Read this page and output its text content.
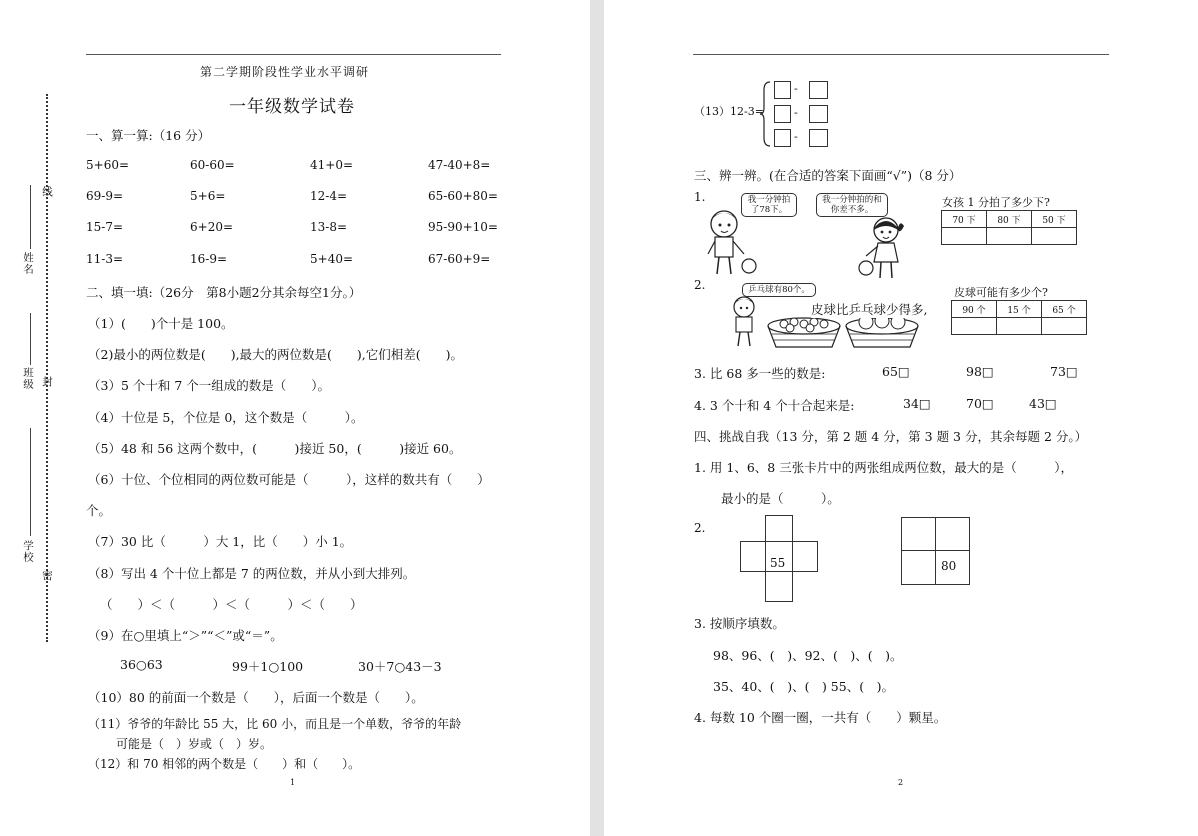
第二学期阶段性学业水平调研
一年级数学试卷
线
封
密
姓名
班级
学校
一、算一算:（16 分）
5+60=	60-60=	41+0=	47-40+8=
69-9=	5+6=	12-4=	65-60+80=
15-7=	6+20=	13-8=	95-90+10=
11-3=	16-9=	5+40=	67-60+9=
二、填一填:（26分　第8小题2分其余每空1分。）
（1）(　　)个十是 100。
（2)最小的两位数是(　　),最大的两位数是(　　),它们相差(　　)。
（3）5 个十和 7 个一组成的数是（　　）。
（4）十位是 5，个位是 0，这个数是（　　　）。
（5）48 和 56 这两个数中，(　　　)接近 50，(　　　)接近 60。
（6）十位、个位相同的两位数可能是（　　　），这样的数共有（　　）
个。
（7）30 比（　　　）大 1，比（　　）小 1。
（8）写出 4 个十位上都是 7 的两位数，并从小到大排列。
（　　）＜（　　　）＜（　　　）＜（　　）
（9）在○里填上“＞”“＜”或“＝”。
36○63	99＋1○100	30＋7○43－3
（10）80 的前面一个数是（　　），后面一个数是（　　）。
（11）爷爷的年龄比 55 大，比 60 小，而且是一个单数，爷爷的年龄
可能是（　）岁或（　）岁。
（12）和 70 相邻的两个数是（　　）和（　　）。
1
（13）12-3=
-
-
-
三、辨一辨。(在合适的答案下面画“√”)（8 分）
1.	我一分钟拍了78下。
我一分钟拍的和你差不多。
女孩 1 分拍了多少下?
70 下	80 下	50 下

2.	乒乓球有80个。
皮球比乒乓球少得多,
皮球可能有多少个?
90 个	15 个	65 个

3. 比 68 多一些的数是:	65□	98□	73□
4. 3 个十和 4 个十合起来是:	34□	70□	43□
四、挑战自我（13 分，第 2 题 4 分，第 3 题 3 分，其余每题 2 分。）
1. 用 1、6、8 三张卡片中的两张组成两位数，最大的是（　　　），
最小的是（　　　）。
2.
55	80
3. 按顺序填数。
98、96、(　)、92、(　)、(　)。
35、40、(　)、(　) 55、(　)。
4. 每数 10 个圈一圈，一共有（　　）颗星。
2
